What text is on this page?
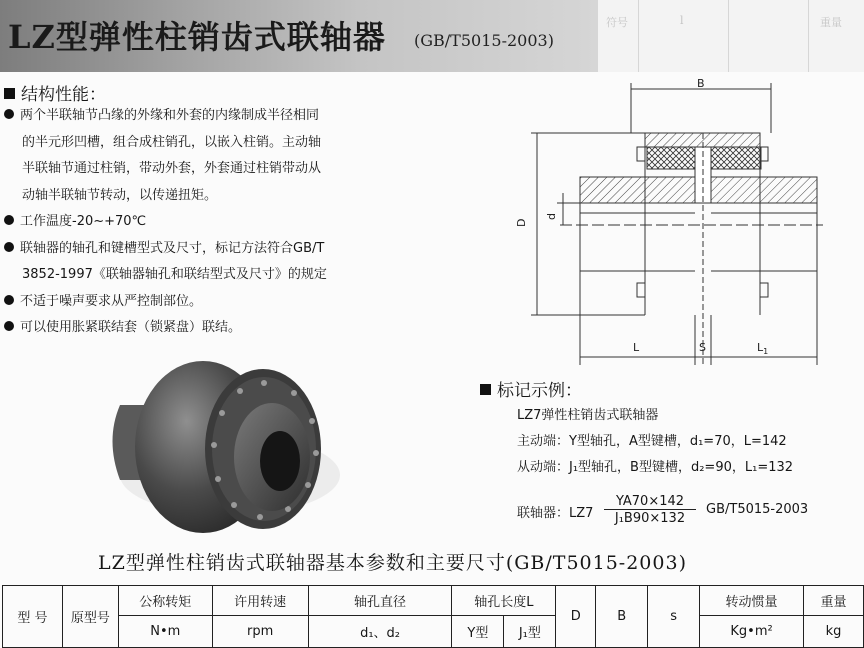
LZ型弹性柱销齿式联轴器 (GB/T5015-2003)
符号	l	重量
结构性能：
两个半联轴节凸缘的外缘和外套的内缘制成半径相同
的半元形凹槽，组合成柱销孔，以嵌入柱销。主动轴
半联轴节通过柱销，带动外套，外套通过柱销带动从
动轴半联轴节转动，以传递扭矩。
工作温度-20~+70℃
联轴器的轴孔和键槽型式及尺寸，标记方法符合GB/T
3852-1997《联轴器轴孔和联结型式及尺寸》的规定
不适于噪声要求从严控制部位。
可以使用胀紧联结套（锁紧盘）联结。
B
D
d
L	S	$L_1$
标记示例：
LZ7弹性柱销齿式联轴器
主动端：Y型轴孔，A型键槽，d₁=70，L=142
从动端：J₁型轴孔，B型键槽，d₂=90，L₁=132
联轴器：LZ7
YA70×142
J₁B90×132
GB/T5015-2003
LZ型弹性柱销齿式联轴器基本参数和主要尺寸(GB/T5015-2003)
型 号	原型号	公称转矩	许用转速	轴孔直径	轴孔长度L		D	B	s	转动惯量	重量
		N•m	rpm	d₁、d₂	Y型	J₁型				Kg•m²	kg
